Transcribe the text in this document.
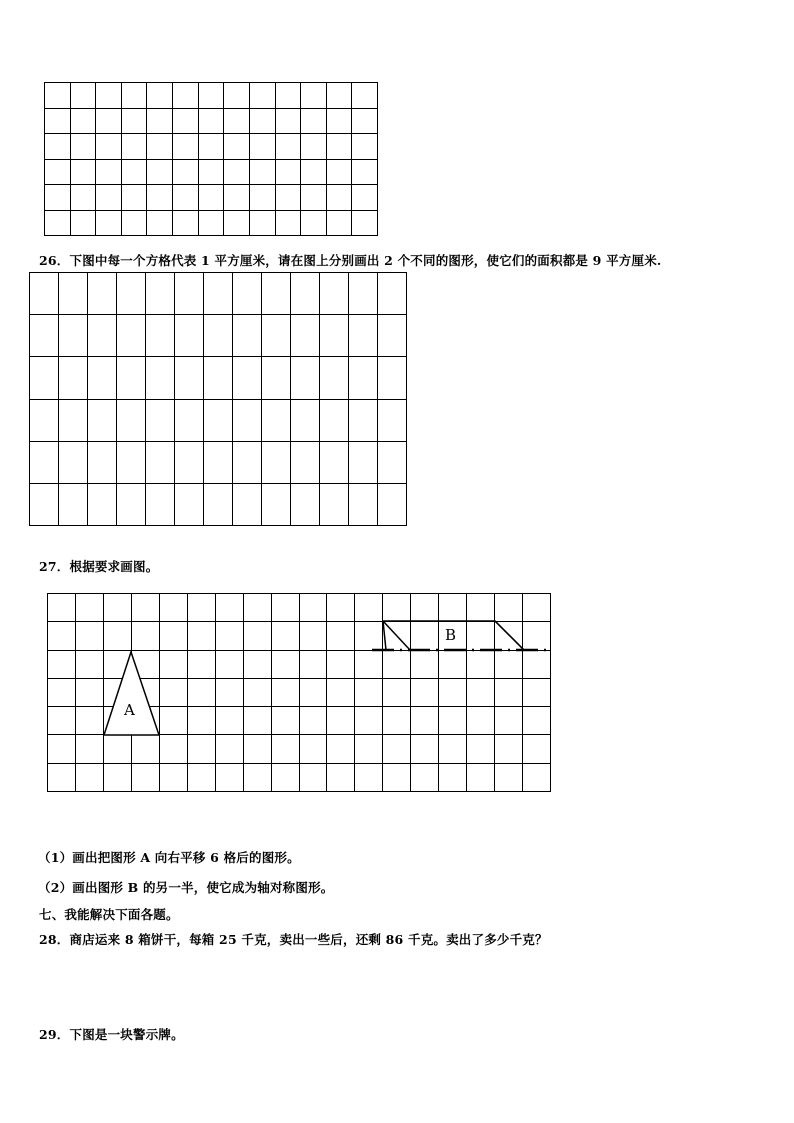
26．下图中每一个方格代表 1 平方厘米，请在图上分别画出 2 个不同的图形，使它们的面积都是 9 平方厘米.
27．根据要求画图。
A
B
（1）画出把图形 A 向右平移 6 格后的图形。
（2）画出图形 B 的另一半，使它成为轴对称图形。
七、我能解决下面各题。
28．商店运来 8 箱饼干，每箱 25 千克，卖出一些后，还剩 86 千克。卖出了多少千克？
29．下图是一块警示牌。
